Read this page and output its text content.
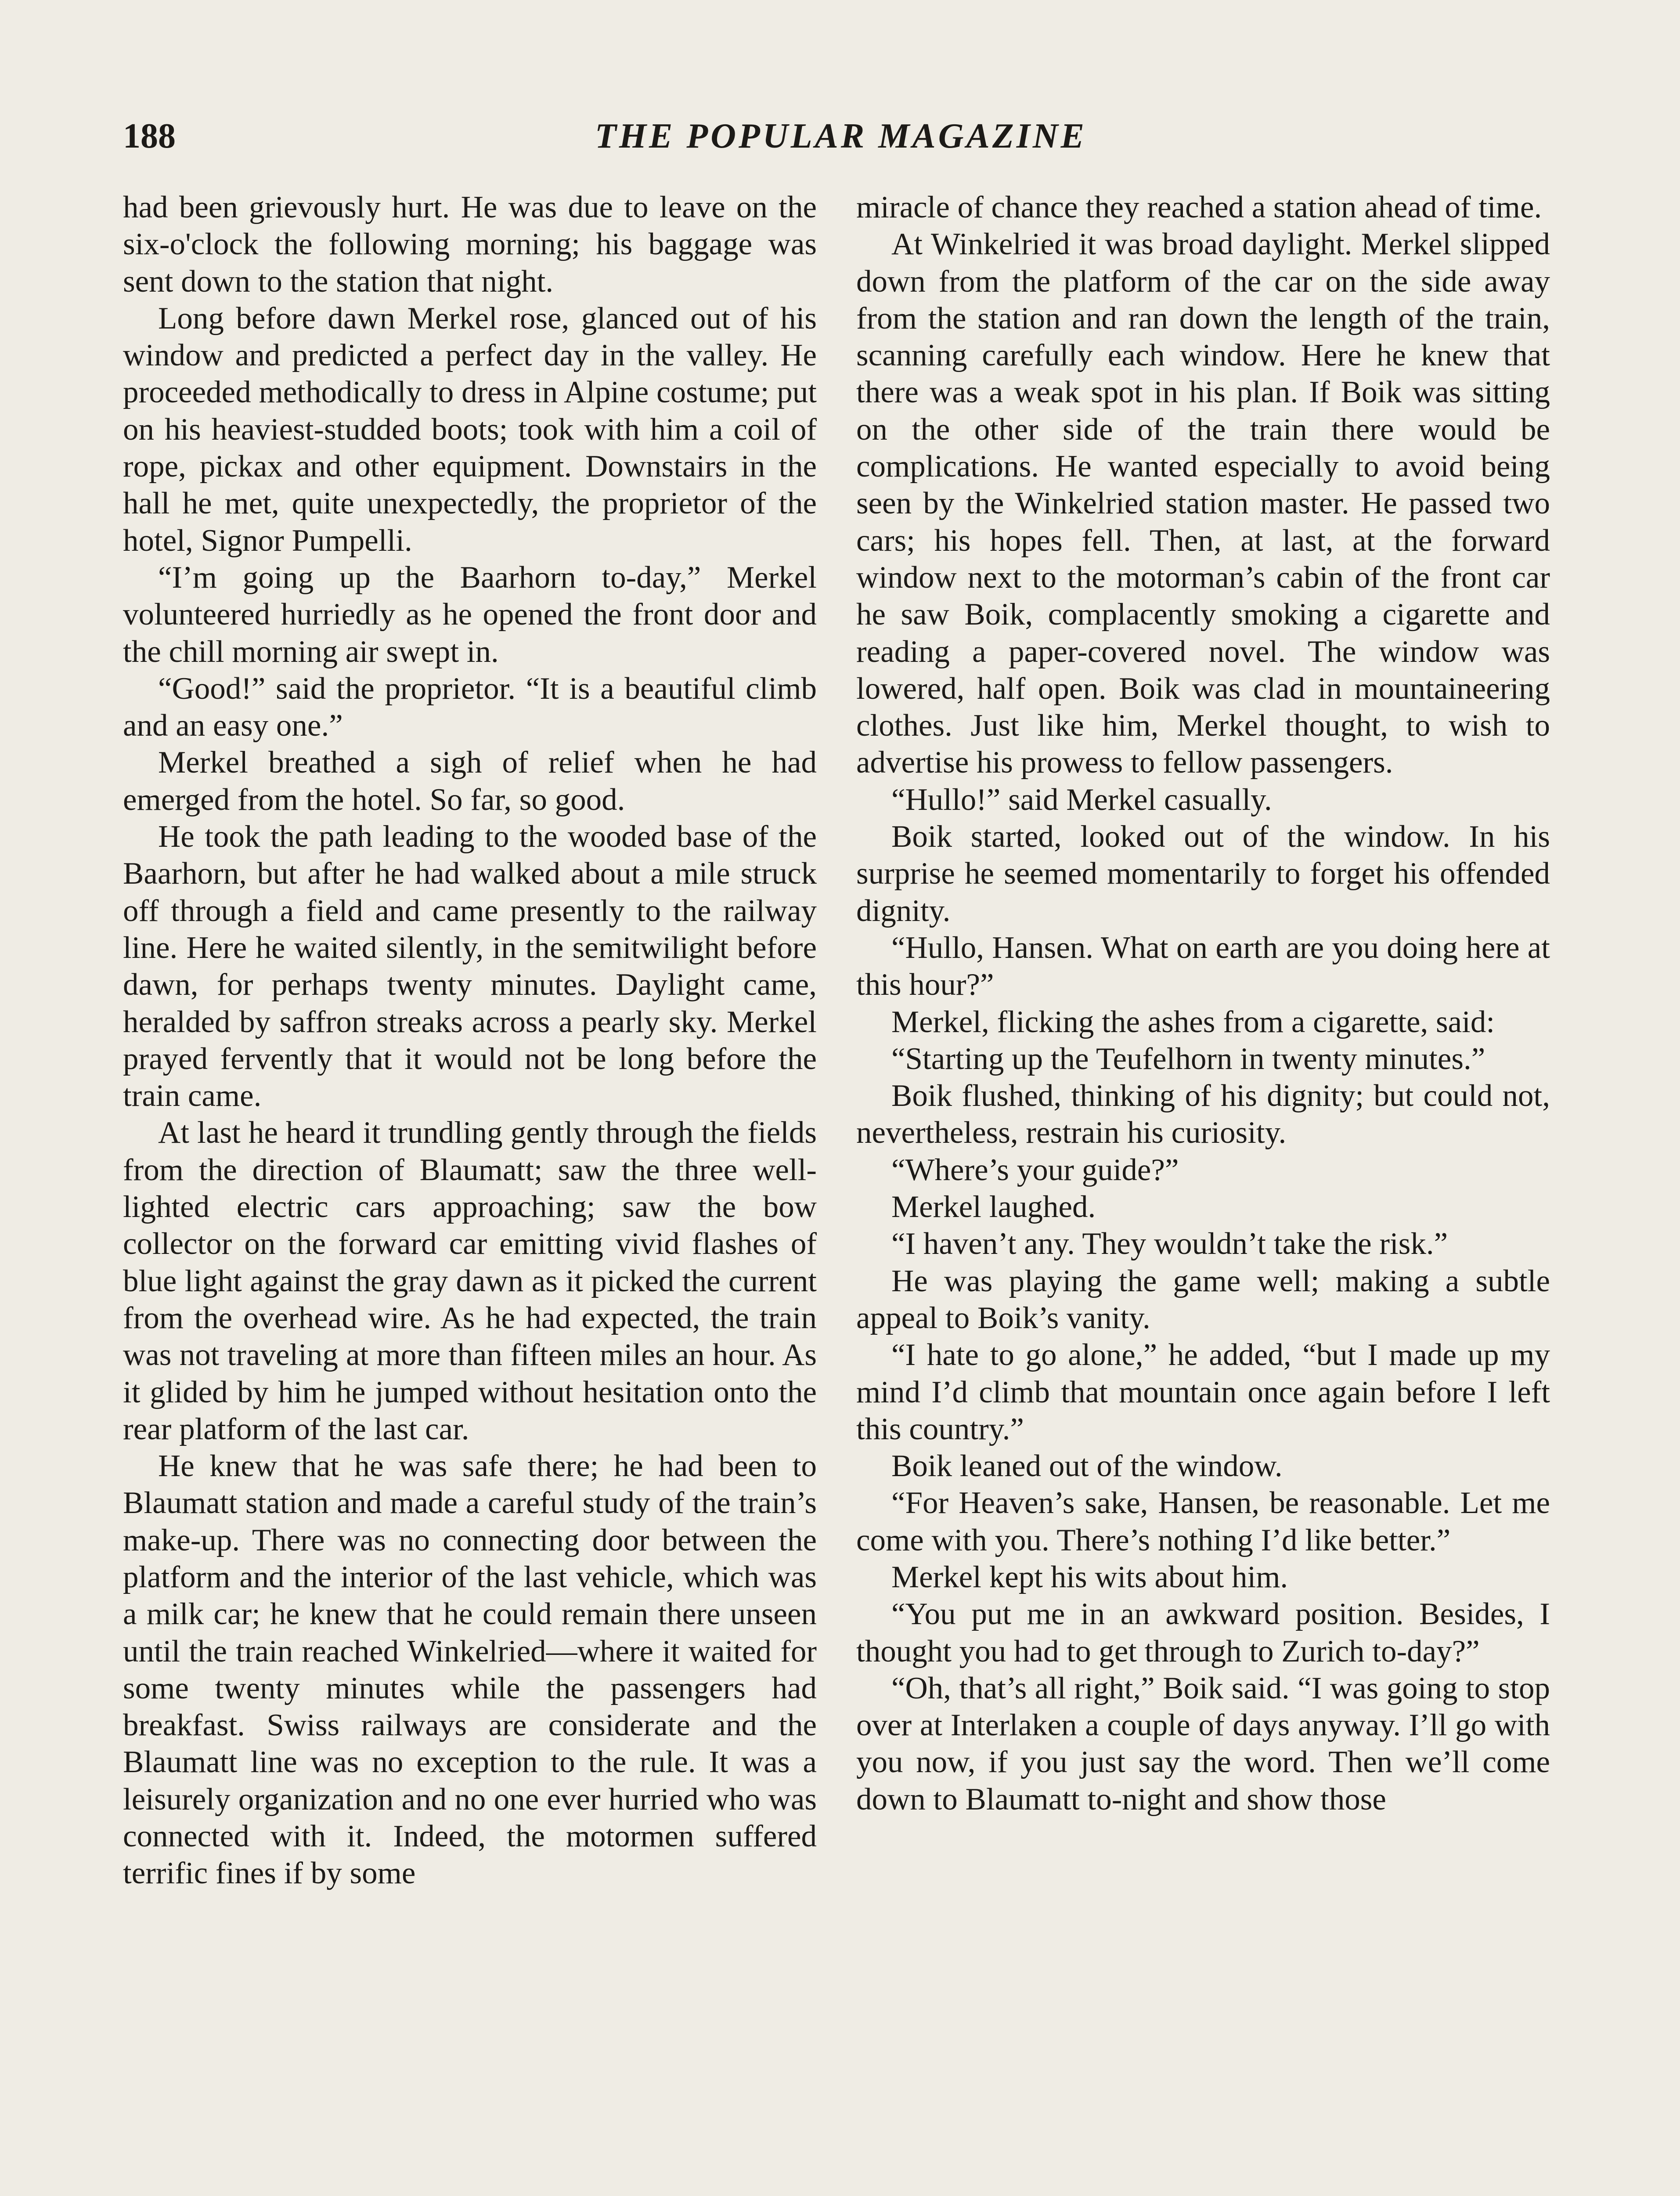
188	THE POPULAR MAGAZINE

had been grievously hurt. He was due to leave on the six-o'clock the following morning; his baggage was sent down to the station that night.

Long before dawn Merkel rose, glanced out of his window and predicted a perfect day in the valley. He proceeded methodically to dress in Alpine costume; put on his heaviest-studded boots; took with him a coil of rope, pickax and other equipment. Downstairs in the hall he met, quite unexpectedly, the proprietor of the hotel, Signor Pumpelli.

“I’m going up the Baarhorn to-day,” Merkel volunteered hurriedly as he opened the front door and the chill morning air swept in.

“Good!” said the proprietor. “It is a beautiful climb and an easy one.”

Merkel breathed a sigh of relief when he had emerged from the hotel. So far, so good.

He took the path leading to the wooded base of the Baarhorn, but after he had walked about a mile struck off through a field and came presently to the railway line. Here he waited silently, in the semitwilight before dawn, for perhaps twenty minutes. Daylight came, heralded by saffron streaks across a pearly sky. Merkel prayed fervently that it would not be long before the train came.

At last he heard it trundling gently through the fields from the direction of Blaumatt; saw the three well-lighted electric cars approaching; saw the bow collector on the forward car emitting vivid flashes of blue light against the gray dawn as it picked the current from the overhead wire. As he had expected, the train was not traveling at more than fifteen miles an hour. As it glided by him he jumped without hesitation onto the rear platform of the last car.

He knew that he was safe there; he had been to Blaumatt station and made a careful study of the train’s make-up. There was no connecting door between the platform and the interior of the last vehicle, which was a milk car; he knew that he could remain there unseen until the train reached Winkelried—where it waited for some twenty minutes while the passengers had breakfast. Swiss railways are considerate and the Blaumatt line was no exception to the rule. It was a leisurely organization and no one ever hurried who was connected with it. Indeed, the motormen suffered terrific fines if by some

miracle of chance they reached a station ahead of time.

At Winkelried it was broad daylight. Merkel slipped down from the platform of the car on the side away from the station and ran down the length of the train, scanning carefully each window. Here he knew that there was a weak spot in his plan. If Boik was sitting on the other side of the train there would be complications. He wanted especially to avoid being seen by the Winkelried station master. He passed two cars; his hopes fell. Then, at last, at the forward window next to the motorman’s cabin of the front car he saw Boik, complacently smoking a cigarette and reading a paper-covered novel. The window was lowered, half open. Boik was clad in mountaineering clothes. Just like him, Merkel thought, to wish to advertise his prowess to fellow passengers.

“Hullo!” said Merkel casually.

Boik started, looked out of the window. In his surprise he seemed momentarily to forget his offended dignity.

“Hullo, Hansen. What on earth are you doing here at this hour?”

Merkel, flicking the ashes from a cigarette, said:

“Starting up the Teufelhorn in twenty minutes.”

Boik flushed, thinking of his dignity; but could not, nevertheless, restrain his curiosity.

“Where’s your guide?”

Merkel laughed.

“I haven’t any. They wouldn’t take the risk.”

He was playing the game well; making a subtle appeal to Boik’s vanity.

“I hate to go alone,” he added, “but I made up my mind I’d climb that mountain once again before I left this country.”

Boik leaned out of the window.

“For Heaven’s sake, Hansen, be reasonable. Let me come with you. There’s nothing I’d like better.”

Merkel kept his wits about him.

“You put me in an awkward position. Besides, I thought you had to get through to Zurich to-day?”

“Oh, that’s all right,” Boik said. “I was going to stop over at Interlaken a couple of days anyway. I’ll go with you now, if you just say the word. Then we’ll come down to Blaumatt to-night and show those
